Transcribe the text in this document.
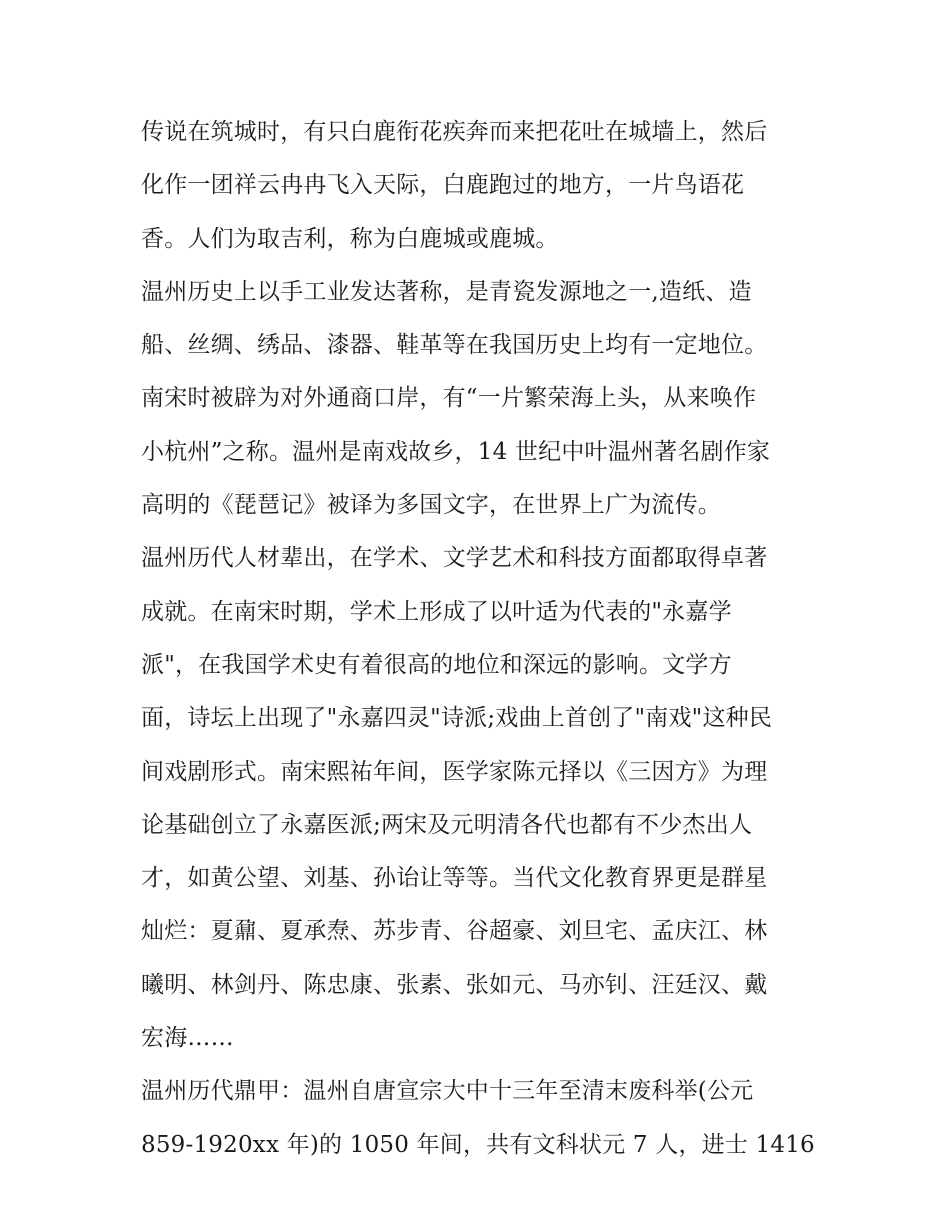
传说在筑城时，有只白鹿衔花疾奔而来把花吐在城墙上，然后
化作一团祥云冉冉飞入天际，白鹿跑过的地方，一片鸟语花
香。人们为取吉利，称为白鹿城或鹿城。
温州历史上以手工业发达著称，是青瓷发源地之一,造纸、造
船、丝绸、绣品、漆器、鞋革等在我国历史上均有一定地位。
南宋时被辟为对外通商口岸，有“一片繁荣海上头，从来唤作
小杭州”之称。温州是南戏故乡，14 世纪中叶温州著名剧作家
高明的《琵琶记》被译为多国文字，在世界上广为流传。
温州历代人材辈出，在学术、文学艺术和科技方面都取得卓著
成就。在南宋时期，学术上形成了以叶适为代表的"永嘉学
派"，在我国学术史有着很高的地位和深远的影响。文学方
面，诗坛上出现了"永嘉四灵"诗派;戏曲上首创了"南戏"这种民
间戏剧形式。南宋熙祐年间，医学家陈元择以《三因方》为理
论基础创立了永嘉医派;两宋及元明清各代也都有不少杰出人
才，如黄公望、刘基、孙诒让等等。当代文化教育界更是群星
灿烂：夏鼐、夏承焘、苏步青、谷超豪、刘旦宅、孟庆江、林
曦明、林剑丹、陈忠康、张素、张如元、马亦钊、汪廷汉、戴
宏海……
温州历代鼎甲：温州自唐宣宗大中十三年至清末废科举(公元
859-1920xx 年)的 1050 年间，共有文科状元 7 人，进士 1416
